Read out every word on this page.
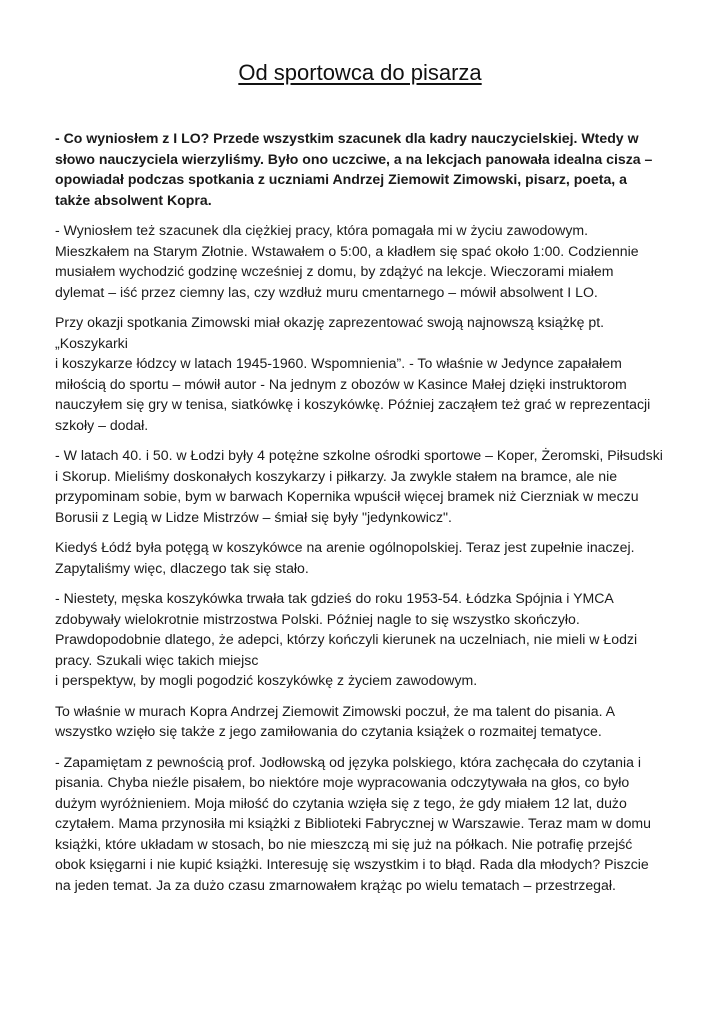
Od sportowca do pisarza

- Co wyniosłem z I LO? Przede wszystkim szacunek dla kadry nauczycielskiej. Wtedy w słowo nauczyciela wierzyliśmy. Było ono uczciwe, a na lekcjach panowała idealna cisza – opowiadał podczas spotkania z uczniami Andrzej Ziemowit Zimowski, pisarz, poeta, a także absolwent Kopra.

- Wyniosłem też szacunek dla ciężkiej pracy, która pomagała mi w życiu zawodowym. Mieszkałem na Starym Złotnie. Wstawałem o 5:00, a kładłem się spać około 1:00. Codziennie musiałem wychodzić godzinę wcześniej z domu, by zdążyć na lekcje. Wieczorami miałem dylemat – iść przez ciemny las, czy wzdłuż muru cmentarnego – mówił absolwent I LO.

Przy okazji spotkania Zimowski miał okazję zaprezentować swoją najnowszą książkę pt. „Koszykarki
i koszykarze łódzcy w latach 1945-1960. Wspomnienia”. - To właśnie w Jedynce zapałałem miłością do sportu – mówił autor - Na jednym z obozów w Kasince Małej dzięki instruktorom nauczyłem się gry w tenisa, siatkówkę i koszykówkę. Później zacząłem też grać w reprezentacji szkoły – dodał.

- W latach 40. i 50. w Łodzi były 4 potężne szkolne ośrodki sportowe – Koper, Żeromski, Piłsudski
i Skorup. Mieliśmy doskonałych koszykarzy i piłkarzy. Ja zwykle stałem na bramce, ale nie przypominam sobie, bym w barwach Kopernika wpuścił więcej bramek niż Cierzniak w meczu Borusii z Legią w Lidze Mistrzów – śmiał się były "jedynkowicz".

Kiedyś Łódź była potęgą w koszykówce na arenie ogólnopolskiej. Teraz jest zupełnie inaczej. Zapytaliśmy więc, dlaczego tak się stało.

- Niestety, męska koszykówka trwała tak gdzieś do roku 1953-54. Łódzka Spójnia i YMCA zdobywały wielokrotnie mistrzostwa Polski. Później nagle to się wszystko skończyło. Prawdopodobnie dlatego, że adepci, którzy kończyli kierunek na uczelniach, nie mieli w Łodzi pracy. Szukali więc takich miejsc
i perspektyw, by mogli pogodzić koszykówkę z życiem zawodowym.

To właśnie w murach Kopra Andrzej Ziemowit Zimowski poczuł, że ma talent do pisania. A wszystko wzięło się także z jego zamiłowania do czytania książek o rozmaitej tematyce.

- Zapamiętam z pewnością prof. Jodłowską od języka polskiego, która zachęcała do czytania i pisania. Chyba nieźle pisałem, bo niektóre moje wypracowania odczytywała na głos, co było dużym wyróżnieniem. Moja miłość do czytania wzięła się z tego, że gdy miałem 12 lat, dużo czytałem. Mama przynosiła mi książki z Biblioteki Fabrycznej w Warszawie. Teraz mam w domu książki, które układam w stosach, bo nie mieszczą mi się już na półkach. Nie potrafię przejść obok księgarni i nie kupić książki. Interesuję się wszystkim i to błąd. Rada dla młodych? Piszcie na jeden temat. Ja za dużo czasu zmarnowałem krążąc po wielu tematach – przestrzegał.
